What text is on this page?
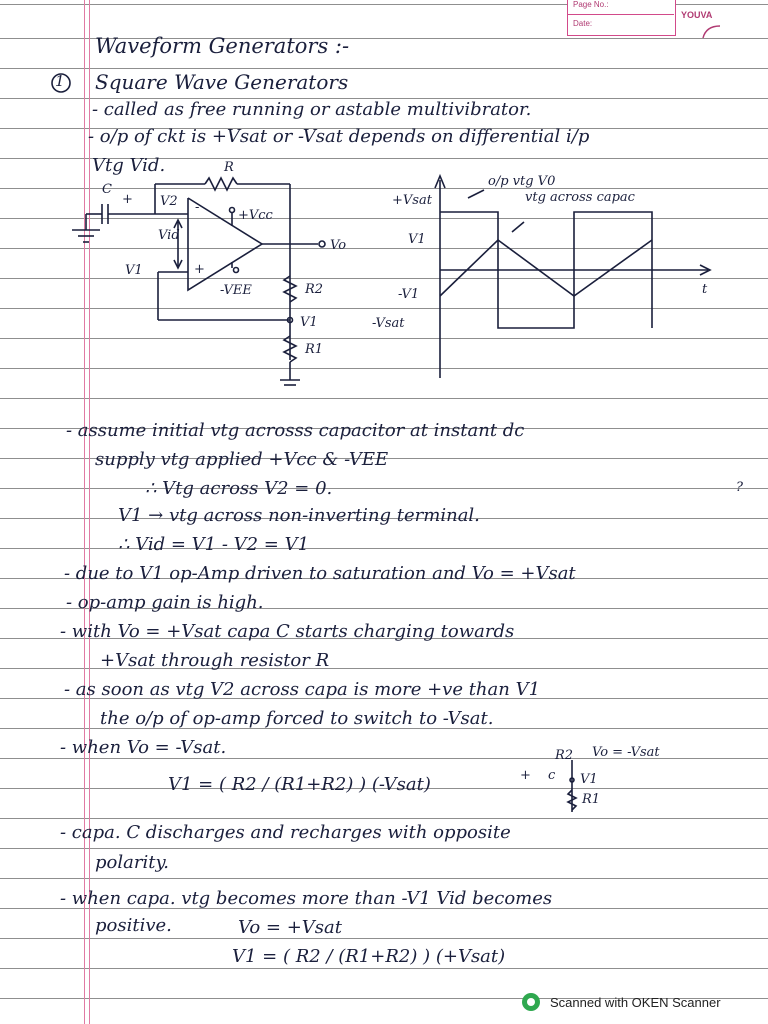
Page No.:
Date:
YOUVA
Waveform Generators :-
1 Square Wave Generators
- called as free running or astable multivibrator.
- o/p of ckt is +Vsat or -Vsat depends on differential i/p
Vtg Vid.	R
C
+ V2
Vid
-
+Vcc
Vo
V1	+
-VEE	R2
V1
R1
+Vsat
V1
-V1
-Vsat
t
o/p vtg V0
vtg across capac
- assume initial vtg acrosss capacitor at instant dc
supply vtg applied +Vcc & -VEE
∴ Vtg across V2 = 0.	?
V1 → vtg across non-inverting terminal.
∴ Vid = V1 - V2 = V1
- due to V1 op-Amp driven to saturation and Vo = +Vsat
- op-amp gain is high.
- with Vo = +Vsat capa C starts charging towards
+Vsat through resistor R
- as soon as vtg V2 across capa is more +ve than V1
the o/p of op-amp forced to switch to -Vsat.
- when Vo = -Vsat.
V1 = ( R2 / (R1+R2) ) (-Vsat)
R2 Vo = -Vsat
+ c V1
R1
- capa. C discharges and recharges with opposite
polarity.
- when capa. vtg becomes more than -V1 Vid becomes
positive.	Vo = +Vsat
V1 = ( R2 / (R1+R2) ) (+Vsat)
Scanned with OKEN Scanner
